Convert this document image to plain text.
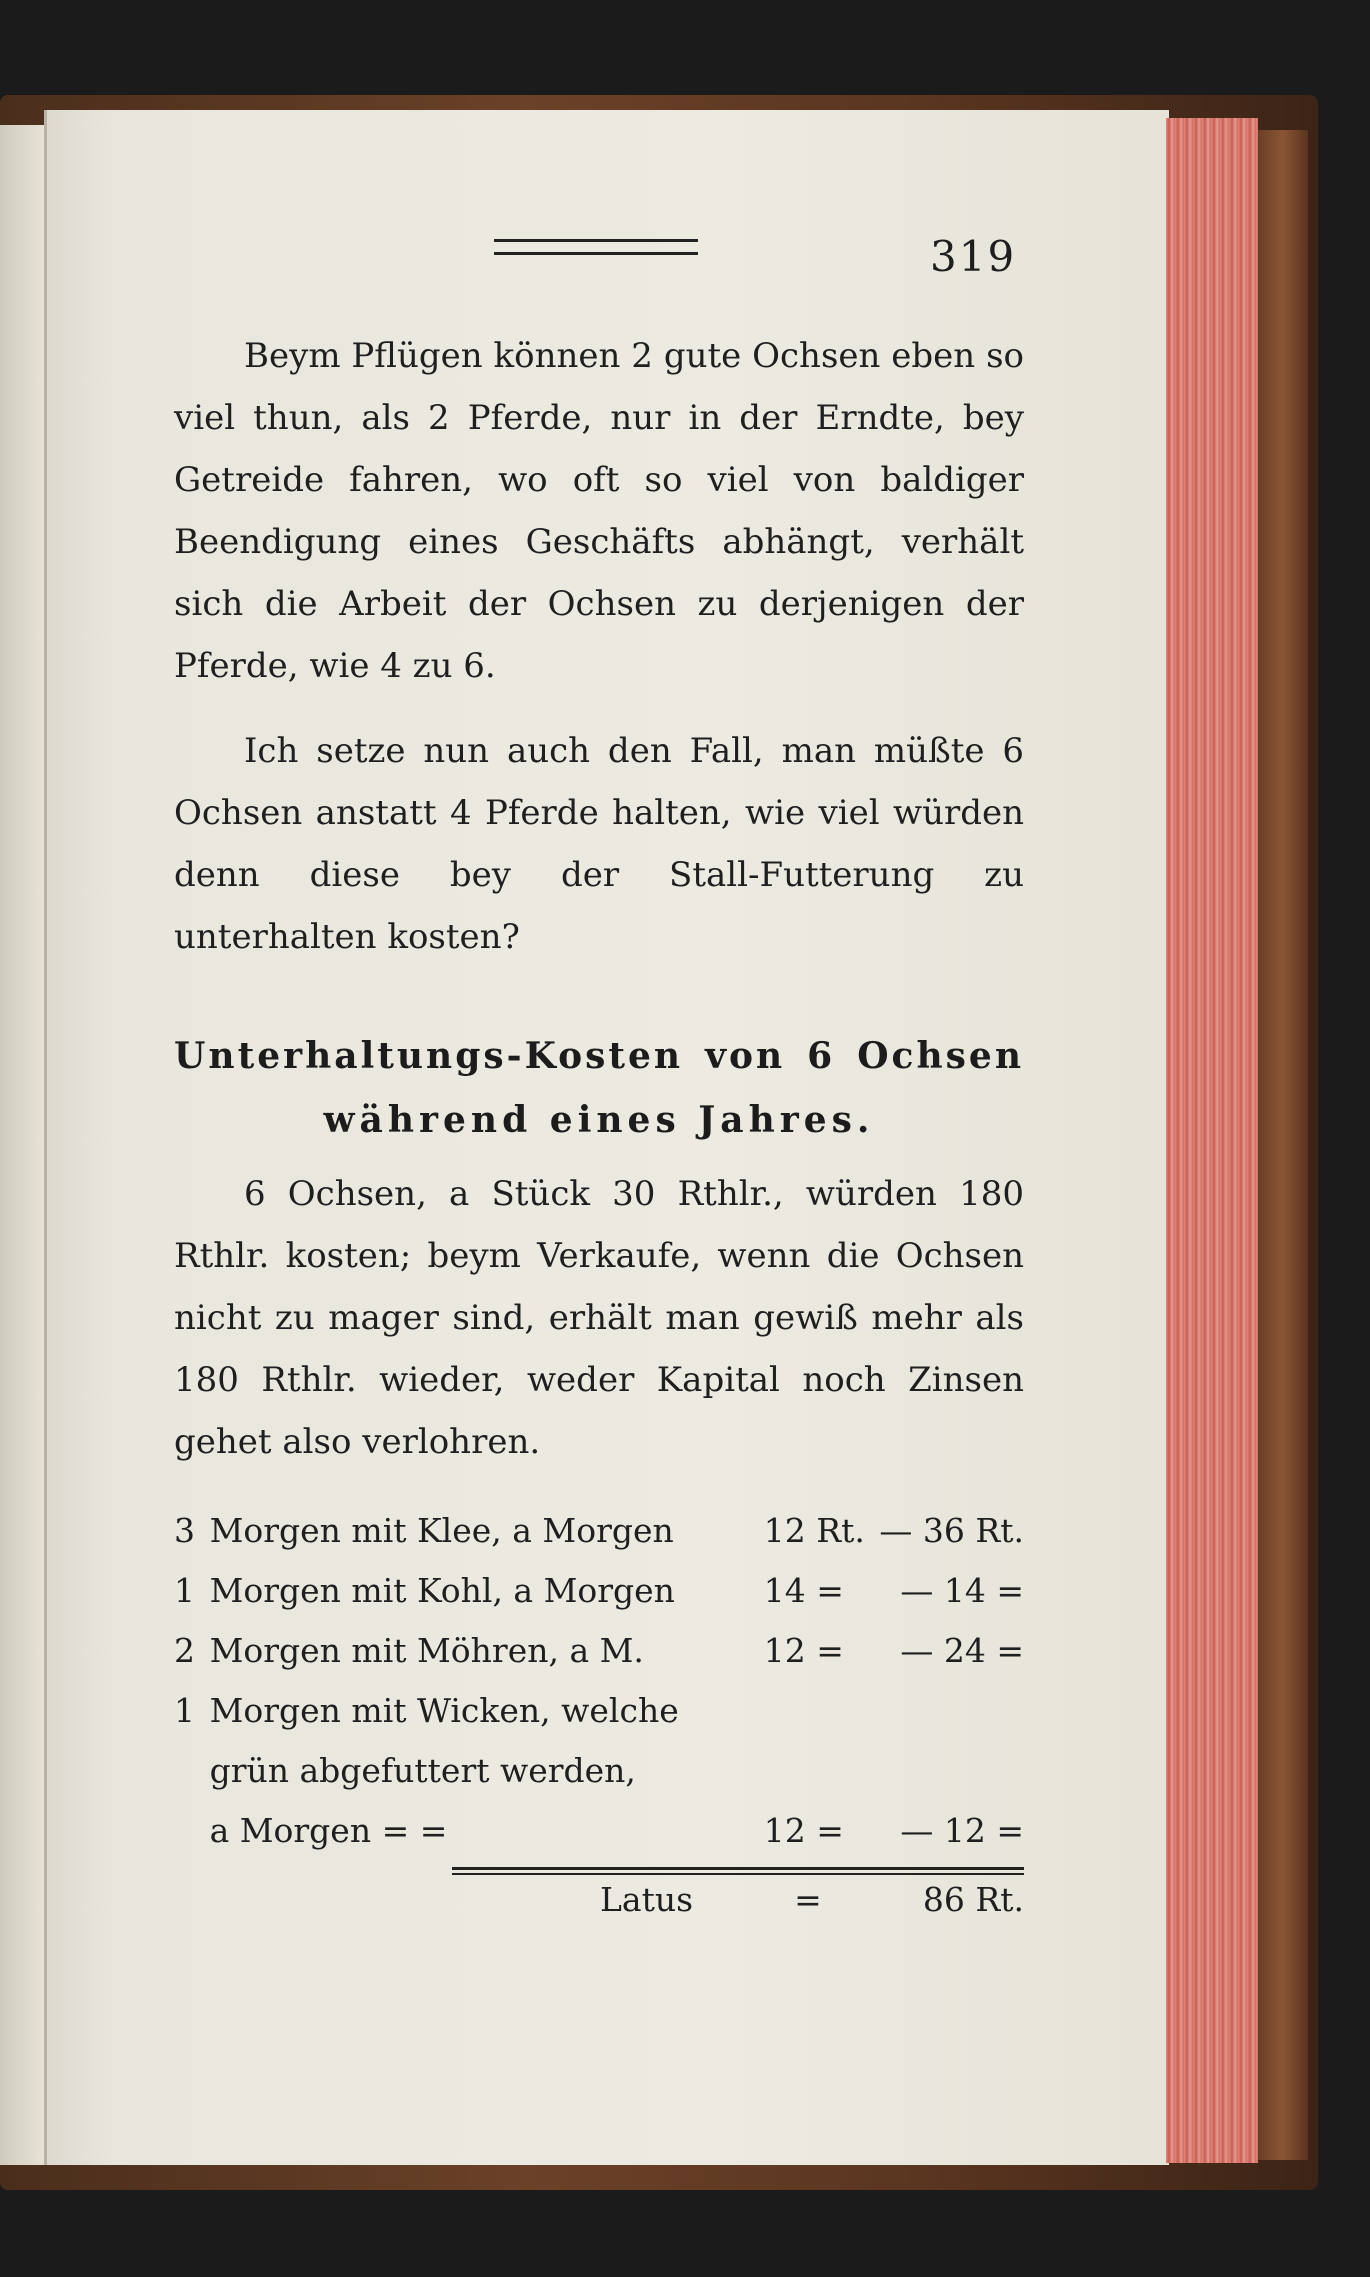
319

Beym Pflügen können 2 gute Ochsen eben so viel thun, als 2 Pferde, nur in der Erndte, bey Getreide fahren, wo oft so viel von baldiger Beendigung eines Geschäfts abhängt, verhält sich die Arbeit der Ochsen zu derjenigen der Pferde, wie 4 zu 6.

Ich setze nun auch den Fall, man müßte 6 Ochsen anstatt 4 Pferde halten, wie viel würden denn diese bey der Stall-Futterung zu unterhalten kosten?

Unterhaltungs-Kosten von 6 Ochsen
während eines Jahres.

6 Ochsen, a Stück 30 Rthlr., würden 180 Rthlr. kosten; beym Verkaufe, wenn die Ochsen nicht zu mager sind, erhält man gewiß mehr als 180 Rthlr. wieder, weder Kapital noch Zinsen gehet also verlohren.

3	Morgen mit Klee, a Morgen	12 Rt.	— 36 Rt.
1	Morgen mit Kohl, a Morgen	14 =	— 14 =
2	Morgen mit Möhren, a M.	12 =	— 24 =
1	Morgen mit Wicken, welche		
	grün abgefuttert werden,		
	a Morgen = =	12 =	— 12 =
Latus	=	86 Rt.
